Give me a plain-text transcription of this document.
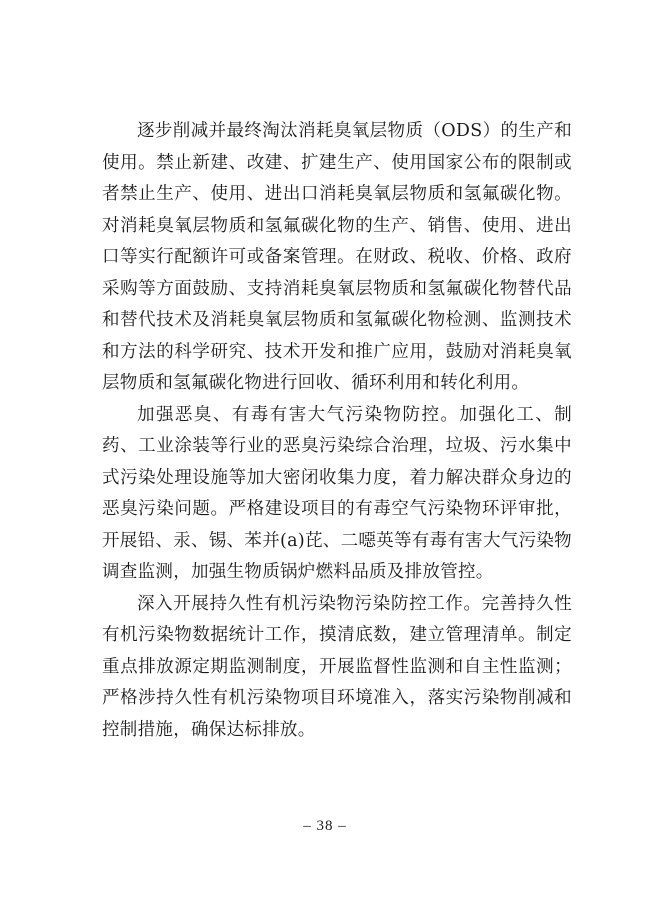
逐步削减并最终淘汰消耗臭氧层物质（ODS）的生产和使用。禁止新建、改建、扩建生产、使用国家公布的限制或者禁止生产、使用、进出口消耗臭氧层物质和氢氟碳化物。对消耗臭氧层物质和氢氟碳化物的生产、销售、使用、进出口等实行配额许可或备案管理。在财政、税收、价格、政府采购等方面鼓励、支持消耗臭氧层物质和氢氟碳化物替代品和替代技术及消耗臭氧层物质和氢氟碳化物检测、监测技术和方法的科学研究、技术开发和推广应用，鼓励对消耗臭氧层物质和氢氟碳化物进行回收、循环利用和转化利用。

加强恶臭、有毒有害大气污染物防控。加强化工、制药、工业涂装等行业的恶臭污染综合治理，垃圾、污水集中式污染处理设施等加大密闭收集力度，着力解决群众身边的恶臭污染问题。严格建设项目的有毒空气污染物环评审批，开展铅、汞、锡、苯并(a)芘、二噁英等有毒有害大气污染物调查监测，加强生物质锅炉燃料品质及排放管控。

深入开展持久性有机污染物污染防控工作。完善持久性有机污染物数据统计工作，摸清底数，建立管理清单。制定重点排放源定期监测制度，开展监督性监测和自主性监测；严格涉持久性有机污染物项目环境准入，落实污染物削减和控制措施，确保达标排放。

– 38 –
